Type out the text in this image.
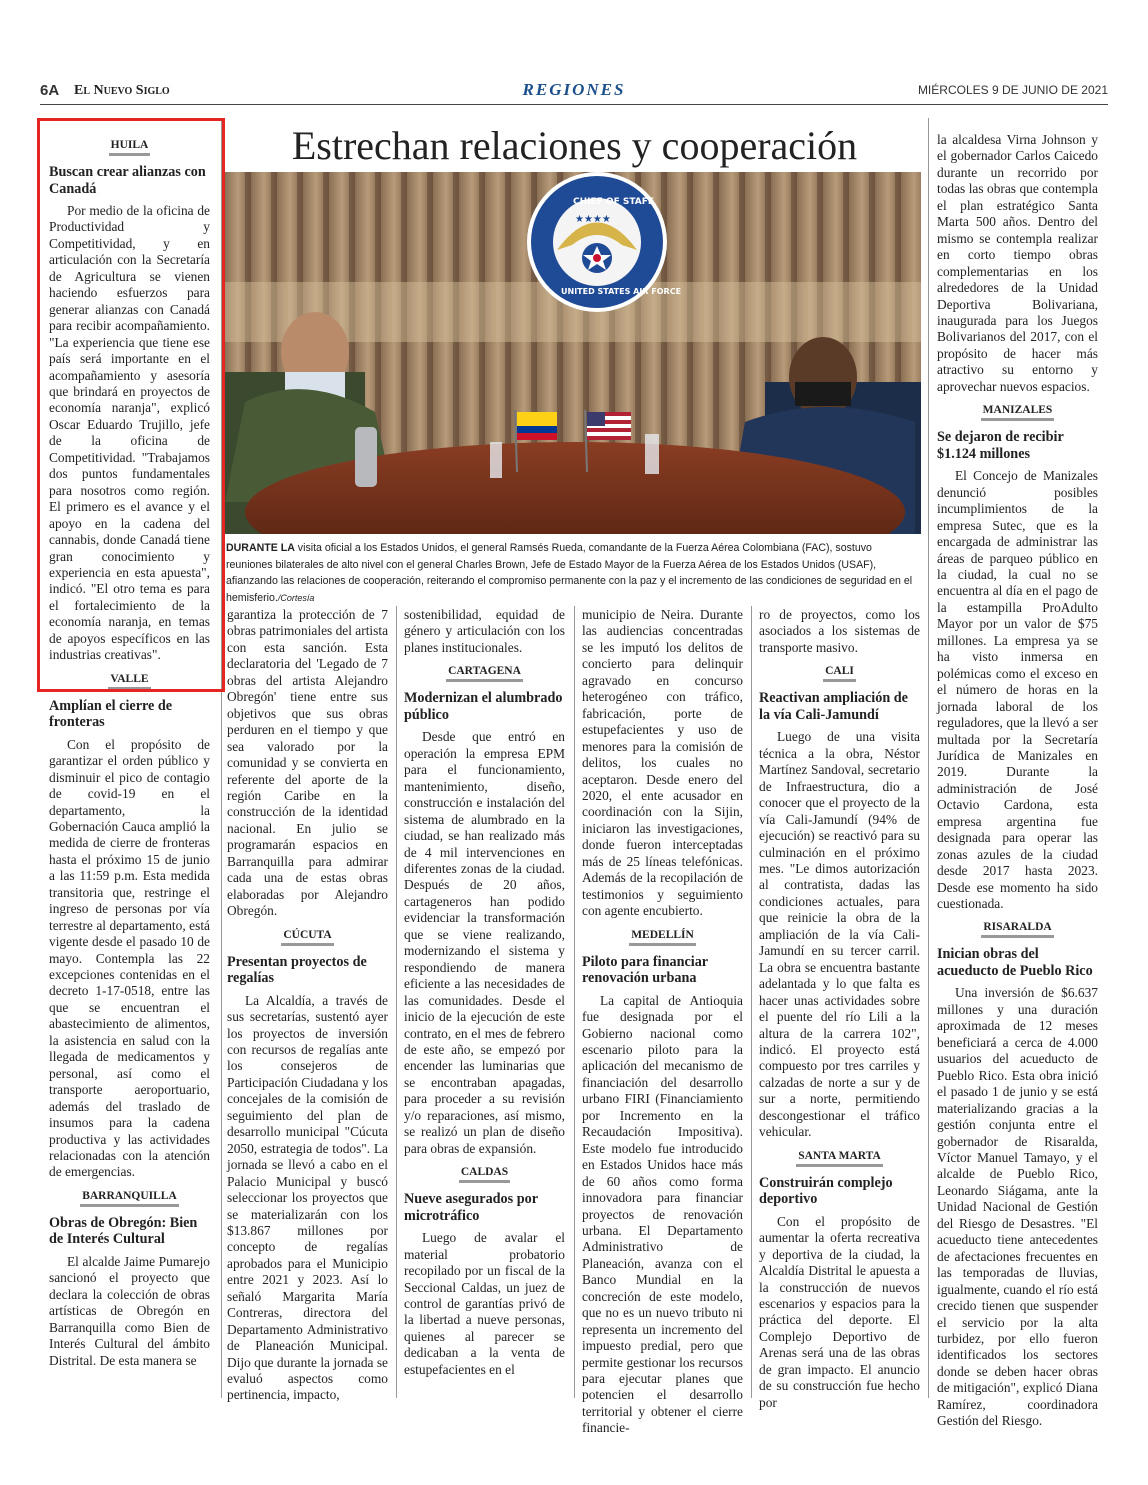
6A El Nuevo Siglo	REGIONES	MIÉRCOLES 9 DE JUNIO DE 2021
Estrechan relaciones y cooperación
CHIEF OF STAFF
UNITED STATES AIR FORCE
★★★★
DURANTE LA visita oficial a los Estados Unidos, el general Ramsés Rueda, comandante de la Fuerza Aérea Colombiana (FAC), sostuvo reuniones bilaterales de alto nivel con el general Charles Brown, Jefe de Estado Mayor de la Fuerza Aérea de los Estados Unidos (USAF), afianzando las relaciones de cooperación, reiterando el compromiso permanente con la paz y el incremento de las condiciones de seguridad en el hemisferio./Cortesía
HUILA
Buscan crear alianzas con Canadá

Por medio de la oficina de Productividad y Competitividad, y en articulación con la Secretaría de Agricultura se vienen haciendo esfuerzos para generar alianzas con Canadá para recibir acompañamiento. "La experiencia que tiene ese país será importante en el acompañamiento y asesoría que brindará en proyectos de economía naranja", explicó Oscar Eduardo Trujillo, jefe de la oficina de Competitividad. "Trabajamos dos puntos fundamentales para nosotros como región. El primero es el avance y el apoyo en la cadena del cannabis, donde Canadá tiene gran conocimiento y experiencia en esta apuesta", indicó. "El otro tema es para el fortalecimiento de la economía naranja, en temas de apoyos específicos en las industrias creativas".

VALLE
Amplían el cierre de fronteras

Con el propósito de garantizar el orden público y disminuir el pico de contagio de covid-19 en el departamento, la Gobernación Cauca amplió la medida de cierre de fronteras hasta el próximo 15 de junio a las 11:59 p.m. Esta medida transitoria que, restringe el ingreso de personas por vía terrestre al departamento, está vigente desde el pasado 10 de mayo. Contempla las 22 excepciones contenidas en el decreto 1-17-0518, entre las que se encuentran el abastecimiento de alimentos, la asistencia en salud con la llegada de medicamentos y personal, así como el transporte aeroportuario, además del traslado de insumos para la cadena productiva y las actividades relacionadas con la atención de emergencias.

BARRANQUILLA
Obras de Obregón: Bien de Interés Cultural

El alcalde Jaime Pumarejo sancionó el proyecto que declara la colección de obras artísticas de Obregón en Barranquilla como Bien de Interés Cultural del ámbito Distrital. De esta manera se

garantiza la protección de 7 obras patrimoniales del artista con esta sanción. Esta declaratoria del 'Legado de 7 obras del artista Alejandro Obregón' tiene entre sus objetivos que sus obras perduren en el tiempo y que sea valorado por la comunidad y se convierta en referente del aporte de la región Caribe en la construcción de la identidad nacional. En julio se programarán espacios en Barranquilla para admirar cada una de estas obras elaboradas por Alejandro Obregón.

CÚCUTA
Presentan proyectos de regalías

La Alcaldía, a través de sus secretarías, sustentó ayer los proyectos de inversión con recursos de regalías ante los consejeros de Participación Ciudadana y los concejales de la comisión de seguimiento del plan de desarrollo municipal "Cúcuta 2050, estrategia de todos". La jornada se llevó a cabo en el Palacio Municipal y buscó seleccionar los proyectos que se materializarán con los $13.867 millones por concepto de regalías aprobados para el Municipio entre 2021 y 2023. Así lo señaló Margarita María Contreras, directora del Departamento Administrativo de Planeación Municipal. Dijo que durante la jornada se evaluó aspectos como pertinencia, impacto,

sostenibilidad, equidad de género y articulación con los planes institucionales.

CARTAGENA
Modernizan el alumbrado público

Desde que entró en operación la empresa EPM para el funcionamiento, mantenimiento, diseño, construcción e instalación del sistema de alumbrado en la ciudad, se han realizado más de 4 mil intervenciones en diferentes zonas de la ciudad. Después de 20 años, cartageneros han podido evidenciar la transformación que se viene realizando, modernizando el sistema y respondiendo de manera eficiente a las necesidades de las comunidades. Desde el inicio de la ejecución de este contrato, en el mes de febrero de este año, se empezó por encender las luminarias que se encontraban apagadas, para proceder a su revisión y/o reparaciones, así mismo, se realizó un plan de diseño para obras de expansión.

CALDAS
Nueve asegurados por microtráfico

Luego de avalar el material probatorio recopilado por un fiscal de la Seccional Caldas, un juez de control de garantías privó de la libertad a nueve personas, quienes al parecer se dedicaban a la venta de estupefacientes en el

municipio de Neira. Durante las audiencias concentradas se les imputó los delitos de concierto para delinquir agravado en concurso heterogéneo con tráfico, fabricación, porte de estupefacientes y uso de menores para la comisión de delitos, los cuales no aceptaron. Desde enero del 2020, el ente acusador en coordinación con la Sijin, iniciaron las investigaciones, donde fueron interceptadas más de 25 líneas telefónicas. Además de la recopilación de testimonios y seguimiento con agente encubierto.

MEDELLÍN
Piloto para financiar renovación urbana

La capital de Antioquia fue designada por el Gobierno nacional como escenario piloto para la aplicación del mecanismo de financiación del desarrollo urbano FIRI (Financiamiento por Incremento en la Recaudación Impositiva). Este modelo fue introducido en Estados Unidos hace más de 60 años como forma innovadora para financiar proyectos de renovación urbana. El Departamento Administrativo de Planeación, avanza con el Banco Mundial en la concreción de este modelo, que no es un nuevo tributo ni representa un incremento del impuesto predial, pero que permite gestionar los recursos para ejecutar planes que potencien el desarrollo territorial y obtener el cierre financie-

ro de proyectos, como los asociados a los sistemas de transporte masivo.

CALI
Reactivan ampliación de la vía Cali-Jamundí

Luego de una visita técnica a la obra, Néstor Martínez Sandoval, secretario de Infraestructura, dio a conocer que el proyecto de la vía Cali-Jamundí (94% de ejecución) se reactivó para su culminación en el próximo mes. "Le dimos autorización al contratista, dadas las condiciones actuales, para que reinicie la obra de la ampliación de la vía Cali-Jamundí en su tercer carril. La obra se encuentra bastante adelantada y lo que falta es hacer unas actividades sobre el puente del río Lili a la altura de la carrera 102", indicó. El proyecto está compuesto por tres carriles y calzadas de norte a sur y de sur a norte, permitiendo descongestionar el tráfico vehicular.

SANTA MARTA
Construirán complejo deportivo

Con el propósito de aumentar la oferta recreativa y deportiva de la ciudad, la Alcaldía Distrital le apuesta a la construcción de nuevos escenarios y espacios para la práctica del deporte. El Complejo Deportivo de Arenas será una de las obras de gran impacto. El anuncio de su construcción fue hecho por

la alcaldesa Virna Johnson y el gobernador Carlos Caicedo durante un recorrido por todas las obras que contempla el plan estratégico Santa Marta 500 años. Dentro del mismo se contempla realizar en corto tiempo obras complementarias en los alrededores de la Unidad Deportiva Bolivariana, inaugurada para los Juegos Bolivarianos del 2017, con el propósito de hacer más atractivo su entorno y aprovechar nuevos espacios.

MANIZALES
Se dejaron de recibir $1.124 millones

El Concejo de Manizales denunció posibles incumplimientos de la empresa Sutec, que es la encargada de administrar las áreas de parqueo público en la ciudad, la cual no se encuentra al día en el pago de la estampilla ProAdulto Mayor por un valor de $75 millones. La empresa ya se ha visto inmersa en polémicas como el exceso en el número de horas en la jornada laboral de los reguladores, que la llevó a ser multada por la Secretaría Jurídica de Manizales en 2019. Durante la administración de José Octavio Cardona, esta empresa argentina fue designada para operar las zonas azules de la ciudad desde 2017 hasta 2023. Desde ese momento ha sido cuestionada.

RISARALDA
Inician obras del acueducto de Pueblo Rico

Una inversión de $6.637 millones y una duración aproximada de 12 meses beneficiará a cerca de 4.000 usuarios del acueducto de Pueblo Rico. Esta obra inició el pasado 1 de junio y se está materializando gracias a la gestión conjunta entre el gobernador de Risaralda, Víctor Manuel Tamayo, y el alcalde de Pueblo Rico, Leonardo Siágama, ante la Unidad Nacional de Gestión del Riesgo de Desastres. "El acueducto tiene antecedentes de afectaciones frecuentes en las temporadas de lluvias, igualmente, cuando el río está crecido tienen que suspender el servicio por la alta turbidez, por ello fueron identificados los sectores donde se deben hacer obras de mitigación", explicó Diana Ramírez, coordinadora Gestión del Riesgo.
